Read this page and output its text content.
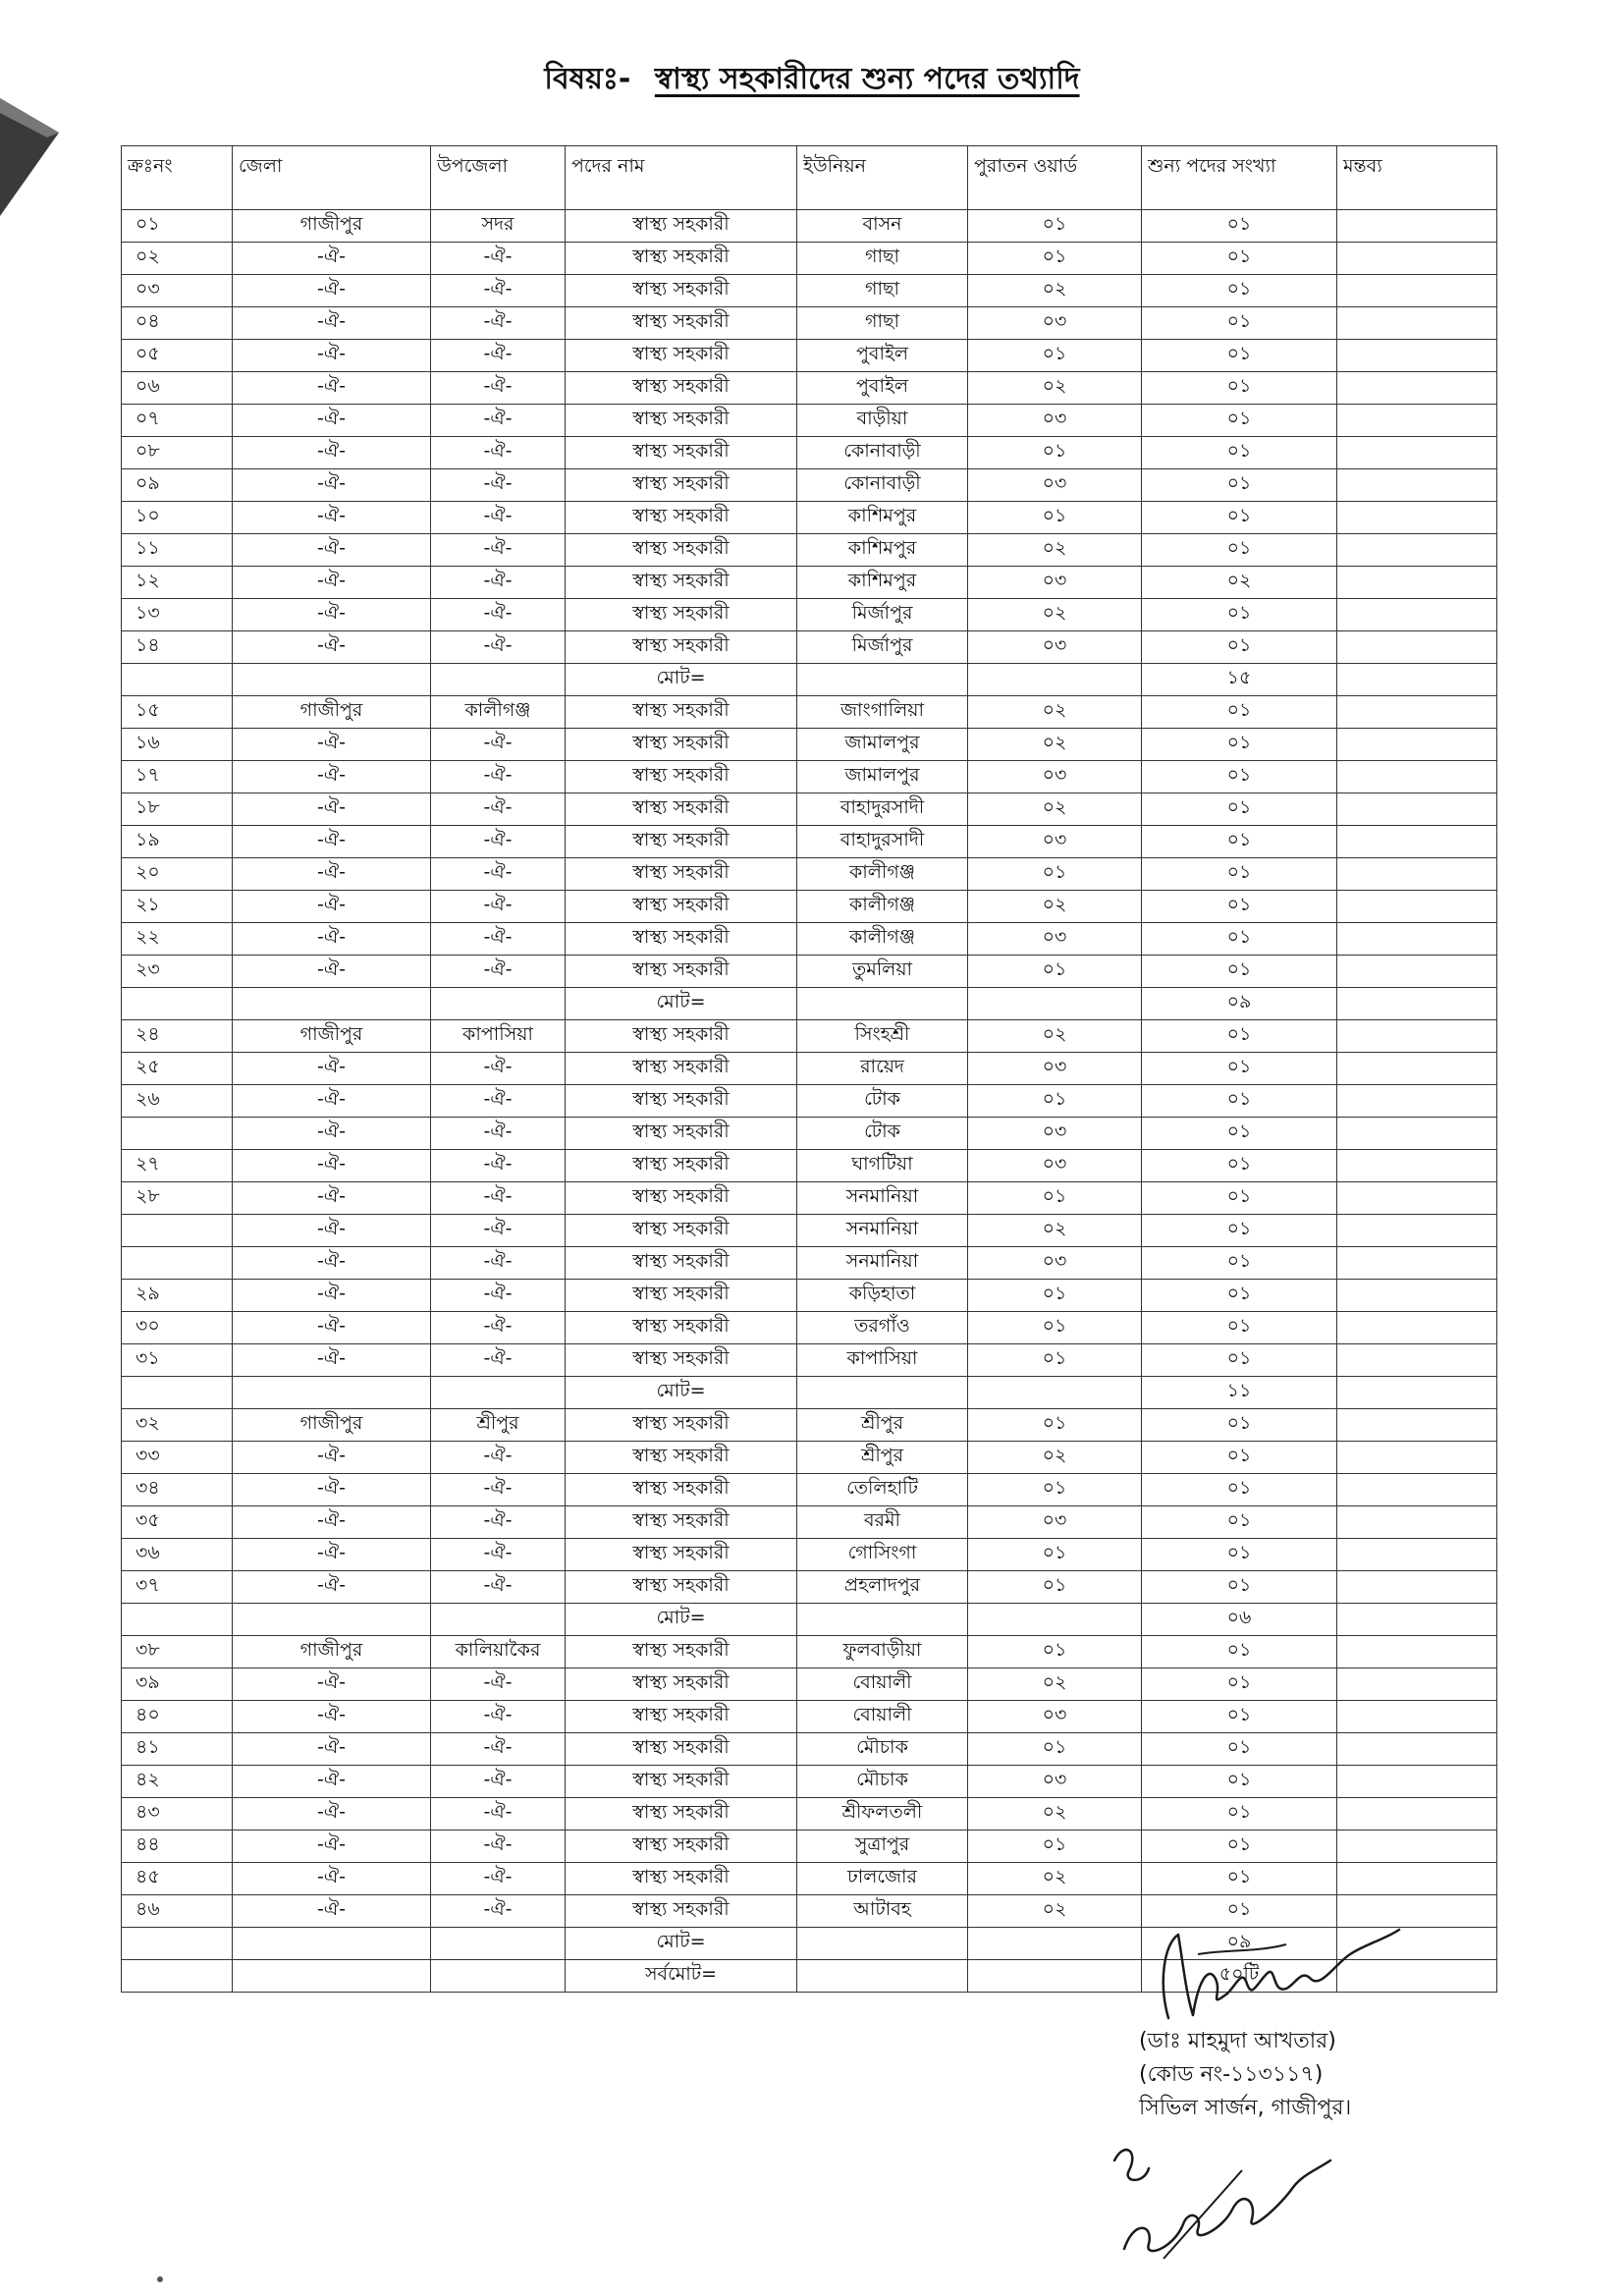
বিষয়ঃ- স্বাস্থ্য সহকারীদের শুন্য পদের তথ্যাদি
ক্রঃনং	জেলা	উপজেলা	পদের নাম	ইউনিয়ন	পুরাতন ওয়ার্ড	শুন্য পদের সংখ্যা	মন্তব্য
০১	গাজীপুর	সদর	স্বাস্থ্য সহকারী	বাসন	০১	০১	
০২	-ঐ-	-ঐ-	স্বাস্থ্য সহকারী	গাছা	০১	০১	
০৩	-ঐ-	-ঐ-	স্বাস্থ্য সহকারী	গাছা	০২	০১	
০৪	-ঐ-	-ঐ-	স্বাস্থ্য সহকারী	গাছা	০৩	০১	
০৫	-ঐ-	-ঐ-	স্বাস্থ্য সহকারী	পুবাইল	০১	০১	
০৬	-ঐ-	-ঐ-	স্বাস্থ্য সহকারী	পুবাইল	০২	০১	
০৭	-ঐ-	-ঐ-	স্বাস্থ্য সহকারী	বাড়ীয়া	০৩	০১	
০৮	-ঐ-	-ঐ-	স্বাস্থ্য সহকারী	কোনাবাড়ী	০১	০১	
০৯	-ঐ-	-ঐ-	স্বাস্থ্য সহকারী	কোনাবাড়ী	০৩	০১	
১০	-ঐ-	-ঐ-	স্বাস্থ্য সহকারী	কাশিমপুর	০১	০১	
১১	-ঐ-	-ঐ-	স্বাস্থ্য সহকারী	কাশিমপুর	০২	০১	
১২	-ঐ-	-ঐ-	স্বাস্থ্য সহকারী	কাশিমপুর	০৩	০২	
১৩	-ঐ-	-ঐ-	স্বাস্থ্য সহকারী	মির্জাপুর	০২	০১	
১৪	-ঐ-	-ঐ-	স্বাস্থ্য সহকারী	মির্জাপুর	০৩	০১	
			মোট=			১৫	
১৫	গাজীপুর	কালীগঞ্জ	স্বাস্থ্য সহকারী	জাংগালিয়া	০২	০১	
১৬	-ঐ-	-ঐ-	স্বাস্থ্য সহকারী	জামালপুর	০২	০১	
১৭	-ঐ-	-ঐ-	স্বাস্থ্য সহকারী	জামালপুর	০৩	০১	
১৮	-ঐ-	-ঐ-	স্বাস্থ্য সহকারী	বাহাদুরসাদী	০২	০১	
১৯	-ঐ-	-ঐ-	স্বাস্থ্য সহকারী	বাহাদুরসাদী	০৩	০১	
২০	-ঐ-	-ঐ-	স্বাস্থ্য সহকারী	কালীগঞ্জ	০১	০১	
২১	-ঐ-	-ঐ-	স্বাস্থ্য সহকারী	কালীগঞ্জ	০২	০১	
২২	-ঐ-	-ঐ-	স্বাস্থ্য সহকারী	কালীগঞ্জ	০৩	০১	
২৩	-ঐ-	-ঐ-	স্বাস্থ্য সহকারী	তুমলিয়া	০১	০১	
			মোট=			০৯	
২৪	গাজীপুর	কাপাসিয়া	স্বাস্থ্য সহকারী	সিংহশ্রী	০২	০১	
২৫	-ঐ-	-ঐ-	স্বাস্থ্য সহকারী	রায়েদ	০৩	০১	
২৬	-ঐ-	-ঐ-	স্বাস্থ্য সহকারী	টোক	০১	০১	
	-ঐ-	-ঐ-	স্বাস্থ্য সহকারী	টোক	০৩	০১	
২৭	-ঐ-	-ঐ-	স্বাস্থ্য সহকারী	ঘাগটিয়া	০৩	০১	
২৮	-ঐ-	-ঐ-	স্বাস্থ্য সহকারী	সনমানিয়া	০১	০১	
	-ঐ-	-ঐ-	স্বাস্থ্য সহকারী	সনমানিয়া	০২	০১	
	-ঐ-	-ঐ-	স্বাস্থ্য সহকারী	সনমানিয়া	০৩	০১	
২৯	-ঐ-	-ঐ-	স্বাস্থ্য সহকারী	কড়িহাতা	০১	০১	
৩০	-ঐ-	-ঐ-	স্বাস্থ্য সহকারী	তরগাঁও	০১	০১	
৩১	-ঐ-	-ঐ-	স্বাস্থ্য সহকারী	কাপাসিয়া	০১	০১	
			মোট=			১১	
৩২	গাজীপুর	শ্রীপুর	স্বাস্থ্য সহকারী	শ্রীপুর	০১	০১	
৩৩	-ঐ-	-ঐ-	স্বাস্থ্য সহকারী	শ্রীপুর	০২	০১	
৩৪	-ঐ-	-ঐ-	স্বাস্থ্য সহকারী	তেলিহাটি	০১	০১	
৩৫	-ঐ-	-ঐ-	স্বাস্থ্য সহকারী	বরমী	০৩	০১	
৩৬	-ঐ-	-ঐ-	স্বাস্থ্য সহকারী	গোসিংগা	০১	০১	
৩৭	-ঐ-	-ঐ-	স্বাস্থ্য সহকারী	প্রহলাদপুর	০১	০১	
			মোট=			০৬	
৩৮	গাজীপুর	কালিয়াকৈর	স্বাস্থ্য সহকারী	ফুলবাড়ীয়া	০১	০১	
৩৯	-ঐ-	-ঐ-	স্বাস্থ্য সহকারী	বোয়ালী	০২	০১	
৪০	-ঐ-	-ঐ-	স্বাস্থ্য সহকারী	বোয়ালী	০৩	০১	
৪১	-ঐ-	-ঐ-	স্বাস্থ্য সহকারী	মৌচাক	০১	০১	
৪২	-ঐ-	-ঐ-	স্বাস্থ্য সহকারী	মৌচাক	০৩	০১	
৪৩	-ঐ-	-ঐ-	স্বাস্থ্য সহকারী	শ্রীফলতলী	০২	০১	
৪৪	-ঐ-	-ঐ-	স্বাস্থ্য সহকারী	সুত্রাপুর	০১	০১	
৪৫	-ঐ-	-ঐ-	স্বাস্থ্য সহকারী	ঢালজোর	০২	০১	
৪৬	-ঐ-	-ঐ-	স্বাস্থ্য সহকারী	আটাবহ	০২	০১	
			মোট=			০৯	
			সর্বমোট=			৫০টি	
(ডাঃ মাহমুদা আখতার)
(কোড নং-১১৩১১৭)
সিভিল সার্জন, গাজীপুর।
